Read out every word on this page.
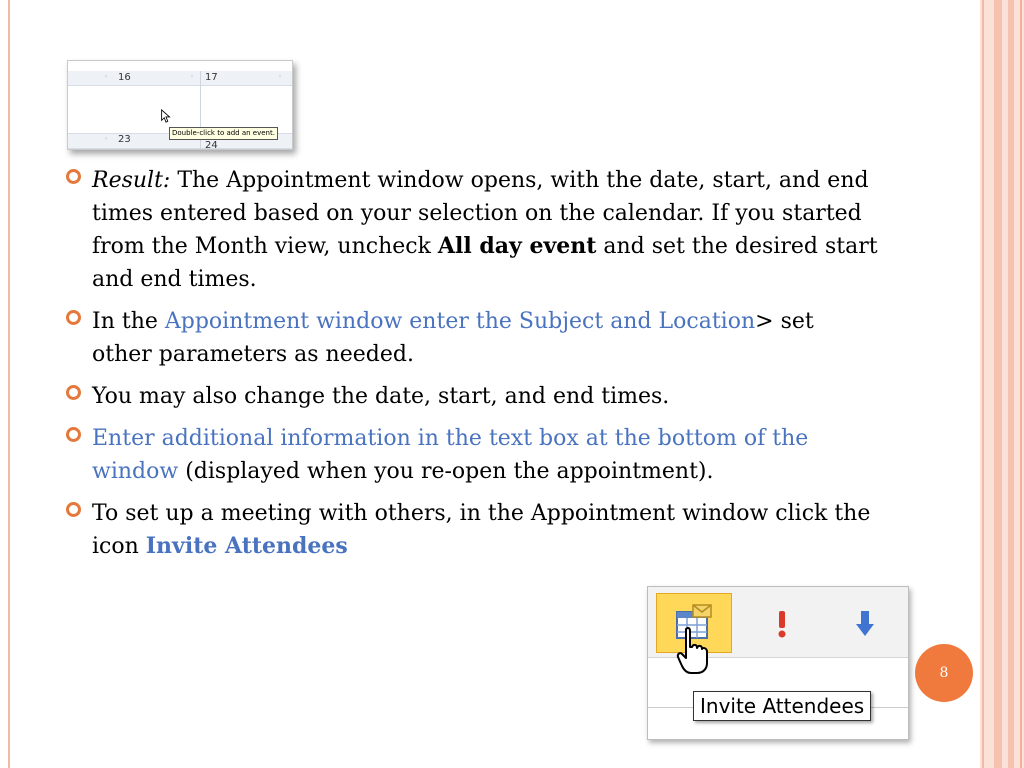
◦ 16	◦ 17	◦
◦ 23
24
Double-click to add an event.
Result: The Appointment window opens, with the date, start, and end times entered based on your selection on the calendar. If you started from the Month view, uncheck All day event and set the desired start and end times.
In the Appointment window enter the Subject and Location> set other parameters as needed.
You may also change the date, start, and end times.
Enter additional information in the text box at the bottom of the window (displayed when you re-open the appointment).
To set up a meeting with others, in the Appointment window click the icon Invite Attendees
Invite Attendees
8
